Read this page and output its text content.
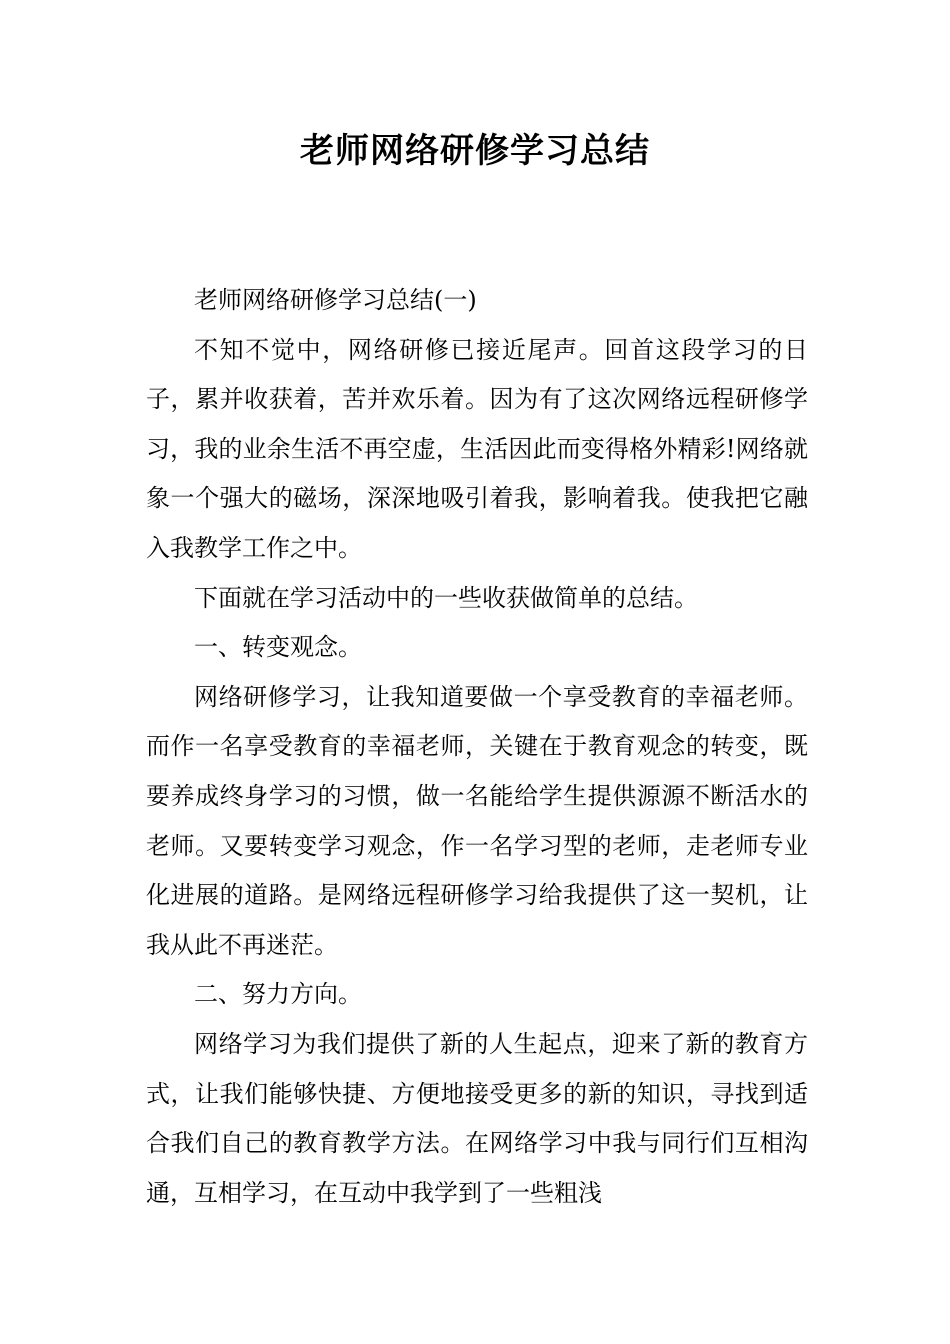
老师网络研修学习总结

老师网络研修学习总结(一)

不知不觉中，网络研修已接近尾声。回首这段学习的日子，累并收获着，苦并欢乐着。因为有了这次网络远程研修学习，我的业余生活不再空虚，生活因此而变得格外精彩!网络就象一个强大的磁场，深深地吸引着我，影响着我。使我把它融入我教学工作之中。

下面就在学习活动中的一些收获做简单的总结。

一、转变观念。

网络研修学习，让我知道要做一个享受教育的幸福老师。而作一名享受教育的幸福老师，关键在于教育观念的转变，既要养成终身学习的习惯，做一名能给学生提供源源不断活水的老师。又要转变学习观念，作一名学习型的老师，走老师专业化进展的道路。是网络远程研修学习给我提供了这一契机，让我从此不再迷茫。

二、努力方向。

网络学习为我们提供了新的人生起点，迎来了新的教育方式，让我们能够快捷、方便地接受更多的新的知识，寻找到适合我们自己的教育教学方法。在网络学习中我与同行们互相沟通，互相学习，在互动中我学到了一些粗浅
